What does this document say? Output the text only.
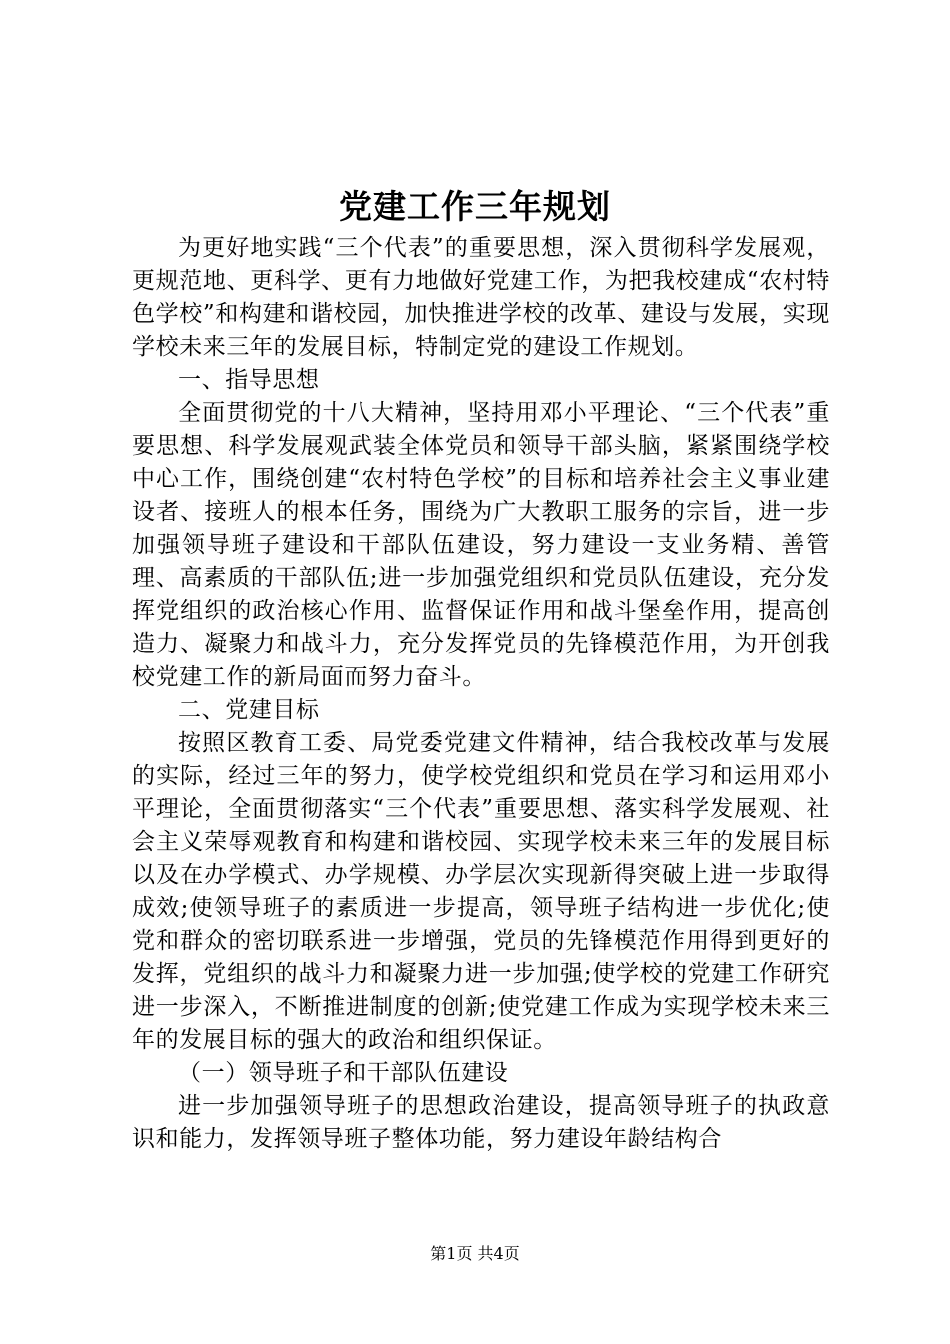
党建工作三年规划

为更好地实践“三个代表”的重要思想，深入贯彻科学发展观，更规范地、更科学、更有力地做好党建工作，为把我校建成“农村特色学校”和构建和谐校园，加快推进学校的改革、建设与发展，实现学校未来三年的发展目标，特制定党的建设工作规划。

一、指导思想

全面贯彻党的十八大精神，坚持用邓小平理论、“三个代表”重要思想、科学发展观武装全体党员和领导干部头脑，紧紧围绕学校中心工作，围绕创建“农村特色学校”的目标和培养社会主义事业建设者、接班人的根本任务，围绕为广大教职工服务的宗旨，进一步加强领导班子建设和干部队伍建设，努力建设一支业务精、善管理、高素质的干部队伍;进一步加强党组织和党员队伍建设，充分发挥党组织的政治核心作用、监督保证作用和战斗堡垒作用，提高创造力、凝聚力和战斗力，充分发挥党员的先锋模范作用，为开创我校党建工作的新局面而努力奋斗。

二、党建目标

按照区教育工委、局党委党建文件精神，结合我校改革与发展的实际，经过三年的努力，使学校党组织和党员在学习和运用邓小平理论，全面贯彻落实“三个代表”重要思想、落实科学发展观、社会主义荣辱观教育和构建和谐校园、实现学校未来三年的发展目标以及在办学模式、办学规模、办学层次实现新得突破上进一步取得成效;使领导班子的素质进一步提高，领导班子结构进一步优化;使党和群众的密切联系进一步增强，党员的先锋模范作用得到更好的发挥，党组织的战斗力和凝聚力进一步加强;使学校的党建工作研究进一步深入，不断推进制度的创新;使党建工作成为实现学校未来三年的发展目标的强大的政治和组织保证。

（一）领导班子和干部队伍建设

进一步加强领导班子的思想政治建设，提高领导班子的执政意识和能力，发挥领导班子整体功能，努力建设年龄结构合

第1页 共4页
